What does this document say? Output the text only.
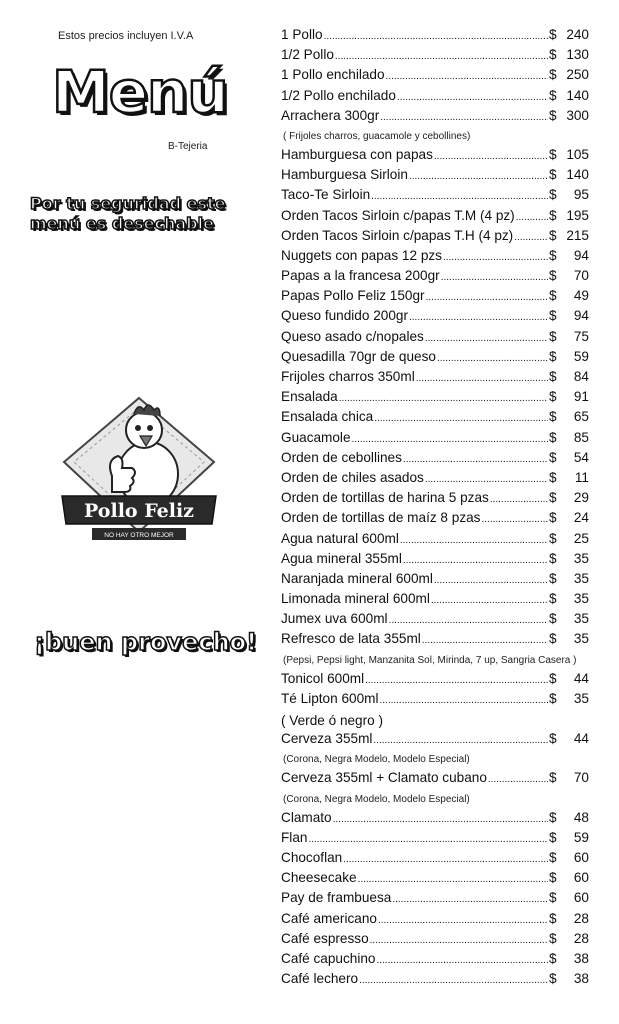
Estos precios incluyen I.V.A
Menú
B-Tejeria
Por tu seguridad este
menú es desechable
Pollo Feliz
NO HAY OTRO MEJOR
¡buen provecho!
1 Pollo .....	$ 240
1/2 Pollo .....	$ 130
1 Pollo enchilado .....	$ 250
1/2 Pollo enchilado .....	$ 140
Arrachera 300gr .....	$ 300
( Frijoles charros, guacamole y cebollines)
Hamburguesa con papas .....	$ 105
Hamburguesa Sirloin .....	$ 140
Taco-Te Sirloin .....	$	95
Orden Tacos Sirloin c/papas T.M (4 pz) .....	$ 195
Orden Tacos Sirloin c/papas T.H (4 pz) .....	$ 215
Nuggets con papas 12 pzs .....	$	94
Papas a la francesa 200gr .....	$	70
Papas Pollo Feliz 150gr .....	$	49
Queso fundido 200gr .....	$	94
Queso asado c/nopales .....	$	75
Quesadilla 70gr de queso .....	$	59
Frijoles charros 350ml .....	$	84
Ensalada .....	$	91
Ensalada chica .....	$	65
Guacamole .....	$	85
Orden de cebollines .....	$	54
Orden de chiles asados .....	$	11
Orden de tortillas de harina 5 pzas .....	$	29
Orden de tortillas de maíz 8 pzas .....	$	24
Agua natural 600ml .....	$	25
Agua mineral 355ml .....	$	35
Naranjada mineral 600ml .....	$	35
Limonada mineral 600ml .....	$	35
Jumex uva 600ml .....	$	35
Refresco de lata 355ml .....	$	35
(Pepsi, Pepsi light, Manzanita Sol, Mirinda, 7 up, Sangria Casera )
Tonicol 600ml .....	$	44
Té Lipton 600ml .....	$	35
( Verde ó negro )
Cerveza 355ml .....	$	44
(Corona, Negra Modelo, Modelo Especial)
Cerveza 355ml + Clamato cubano .....	$	70
(Corona, Negra Modelo, Modelo Especial)
Clamato .....	$	48
Flan .....	$	59
Chocoflan .....	$	60
Cheesecake .....	$	60
Pay de frambuesa .....	$	60
Café americano .....	$	28
Café espresso .....	$	28
Café capuchino .....	$	38
Café lechero .....	$	38
